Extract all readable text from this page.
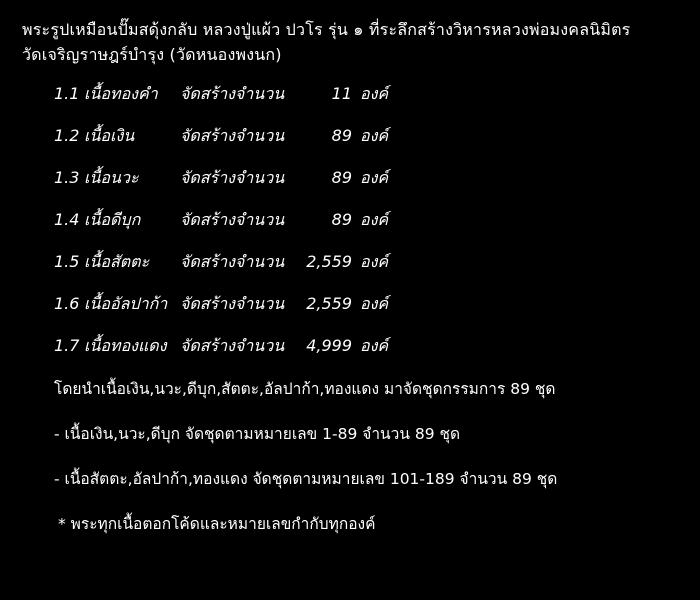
พระรูปเหมือนปั๊มสดุ้งกลับ หลวงปู่แผ้ว ปวโร รุ่น ๑ ที่ระลึกสร้างวิหารหลวงพ่อมงคลนิมิตร
วัดเจริญราษฎร์บำรุง (วัดหนองพงนก)
1.1 เนื้อทองคำ	จัดสร้างจำนวน	11 องค์
1.2 เนื้อเงิน	จัดสร้างจำนวน	89 องค์
1.3 เนื้อนวะ	จัดสร้างจำนวน	89 องค์
1.4 เนื้อดีบุก	จัดสร้างจำนวน	89 องค์
1.5 เนื้อสัตตะ	จัดสร้างจำนวน	2,559 องค์
1.6 เนื้ออัลปาก้า จัดสร้างจำนวน	2,559 องค์
1.7 เนื้อทองแดง จัดสร้างจำนวน	4,999 องค์
โดยนำเนื้อเงิน,นวะ,ดีบุก,สัตตะ,อัลปาก้า,ทองแดง มาจัดชุดกรรมการ 89 ชุด
- เนื้อเงิน,นวะ,ดีบุก จัดชุดตามหมายเลข 1-89 จำนวน 89 ชุด
- เนื้อสัตตะ,อัลปาก้า,ทองแดง จัดชุดตามหมายเลข 101-189 จำนวน 89 ชุด
* พระทุกเนื้อตอกโค้ดและหมายเลขกำกับทุกองค์
